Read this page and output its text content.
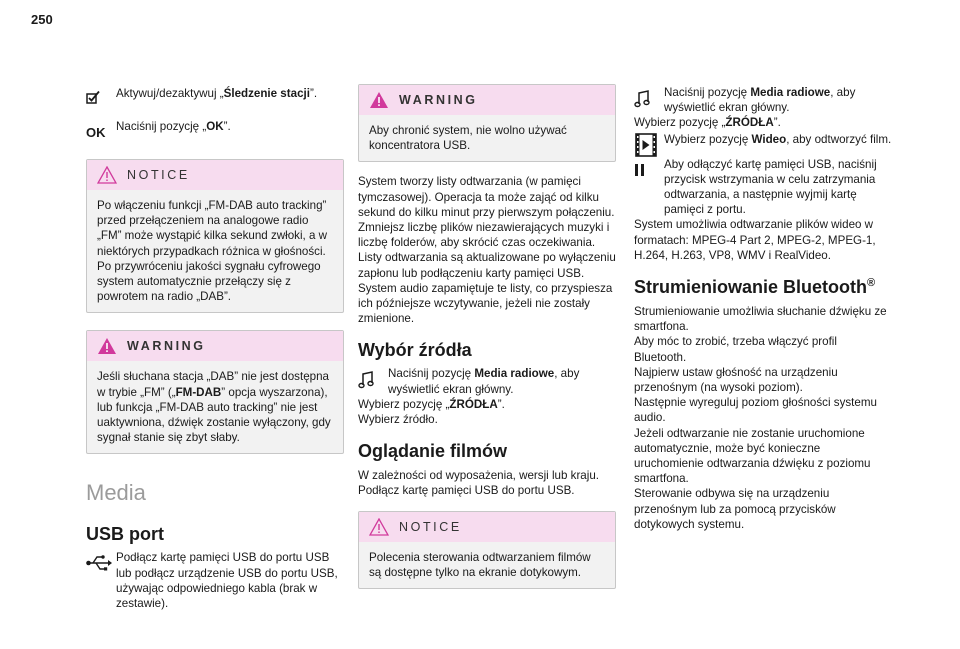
250

Aktywuj/dezaktywuj „Śledzenie stacji”.

OK Naciśnij pozycję „OK”.

NOTICE

Po włączeniu funkcji „FM-DAB auto tracking” przed przełączeniem na analogowe radio „FM” może wystąpić kilka sekund zwłoki, a w niektórych przypadkach różnica w głośności. Po przywróceniu jakości sygnału cyfrowego system automatycznie przełączy się z powrotem na radio „DAB”.

WARNING

Jeśli słuchana stacja „DAB” nie jest dostępna w trybie „FM” („FM-DAB” opcja wyszarzona), lub funkcja „FM-DAB auto tracking” nie jest uaktywniona, dźwięk zostanie wyłączony, gdy sygnał stanie się zbyt słaby.

Media
USB port

Podłącz kartę pamięci USB do portu USB lub podłącz urządzenie USB do portu USB, używając odpowiedniego kabla (brak w zestawie).

WARNING

Aby chronić system, nie wolno używać koncentratora USB.

System tworzy listy odtwarzania (w pamięci tymczasowej). Operacja ta może zająć od kilku sekund do kilku minut przy pierwszym połączeniu.
Zmniejsz liczbę plików niezawierających muzyki i liczbę folderów, aby skrócić czas oczekiwania.
Listy odtwarzania są aktualizowane po wyłączeniu zapłonu lub podłączeniu karty pamięci USB. System audio zapamiętuje te listy, co przyspiesza ich późniejsze wczytywanie, jeżeli nie zostały zmienione.

Wybór źródła

Naciśnij pozycję Media radiowe, aby wyświetlić ekran główny.

Wybierz pozycję „ŹRÓDŁA”.

Wybierz źródło.

Oglądanie filmów

W zależności od wyposażenia, wersji lub kraju.
Podłącz kartę pamięci USB do portu USB.

NOTICE

Polecenia sterowania odtwarzaniem filmów są dostępne tylko na ekranie dotykowym.

Naciśnij pozycję Media radiowe, aby wyświetlić ekran główny.

Wybierz pozycję „ŹRÓDŁA”.

Wybierz pozycję Wideo, aby odtworzyć film.

Aby odłączyć kartę pamięci USB, naciśnij przycisk wstrzymania w celu zatrzymania odtwarzania, a następnie wyjmij kartę pamięci z portu.

System umożliwia odtwarzanie plików wideo w formatach: MPEG-4 Part 2, MPEG-2, MPEG-1, H.264, H.263, VP8, WMV i RealVideo.

Strumieniowanie Bluetooth®

Strumieniowanie umożliwia słuchanie dźwięku ze smartfona.
Aby móc to zrobić, trzeba włączyć profil Bluetooth.
Najpierw ustaw głośność na urządzeniu przenośnym (na wysoki poziom).
Następnie wyreguluj poziom głośności systemu audio.
Jeżeli odtwarzanie nie zostanie uruchomione automatycznie, może być konieczne uruchomienie odtwarzania dźwięku z poziomu smartfona.
Sterowanie odbywa się na urządzeniu przenośnym lub za pomocą przycisków dotykowych systemu.
